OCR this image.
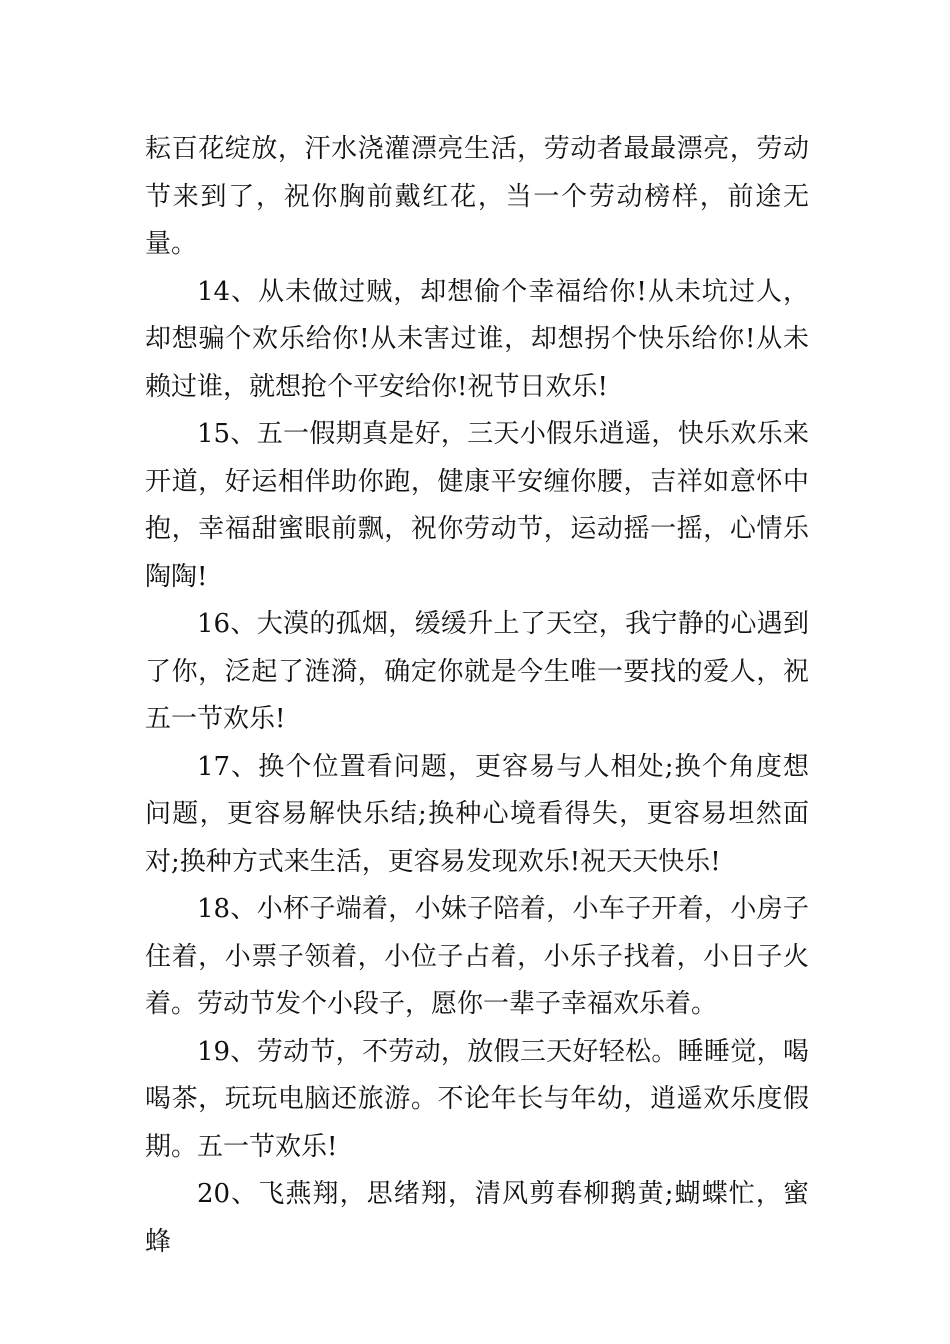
耘百花绽放，汗水浇灌漂亮生活，劳动者最最漂亮，劳动节来到了，祝你胸前戴红花，当一个劳动榜样，前途无量。

14、从未做过贼，却想偷个幸福给你!从未坑过人，却想骗个欢乐给你!从未害过谁，却想拐个快乐给你!从未赖过谁，就想抢个平安给你!祝节日欢乐!

15、五一假期真是好，三天小假乐逍遥，快乐欢乐来开道，好运相伴助你跑，健康平安缠你腰，吉祥如意怀中抱，幸福甜蜜眼前飘，祝你劳动节，运动摇一摇，心情乐陶陶!

16、大漠的孤烟，缓缓升上了天空，我宁静的心遇到了你，泛起了涟漪，确定你就是今生唯一要找的爱人，祝五一节欢乐!

17、换个位置看问题，更容易与人相处;换个角度想问题，更容易解快乐结;换种心境看得失，更容易坦然面对;换种方式来生活，更容易发现欢乐!祝天天快乐!

18、小杯子端着，小妹子陪着，小车子开着，小房子住着，小票子领着，小位子占着，小乐子找着，小日子火着。劳动节发个小段子，愿你一辈子幸福欢乐着。

19、劳动节，不劳动，放假三天好轻松。睡睡觉，喝喝茶，玩玩电脑还旅游。不论年长与年幼，逍遥欢乐度假期。五一节欢乐!

20、飞燕翔，思绪翔，清风剪春柳鹅黄;蝴蝶忙，蜜蜂
